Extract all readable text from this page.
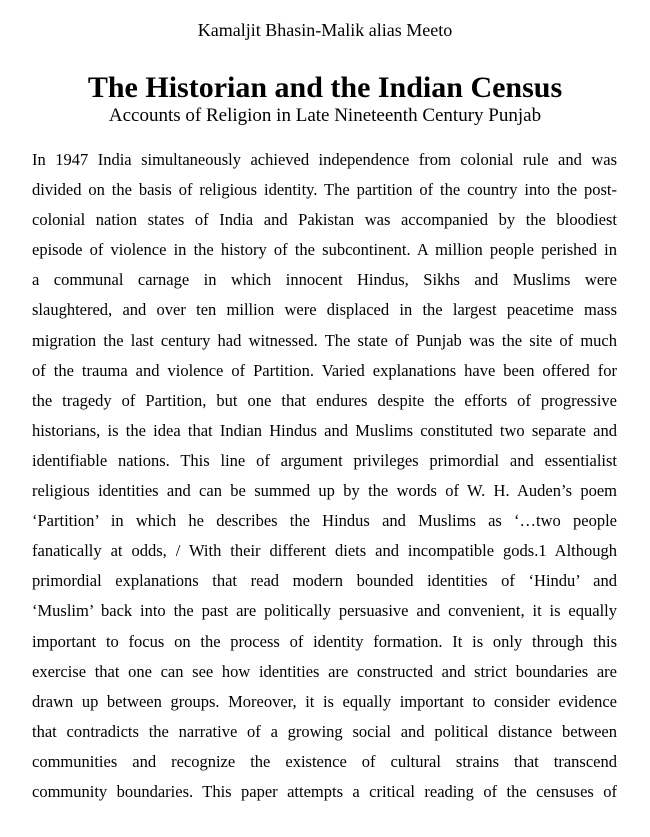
Kamaljit Bhasin-Malik alias Meeto
The Historian and the Indian Census
Accounts of Religion in Late Nineteenth Century Punjab
In 1947 India simultaneously achieved independence from colonial rule and was
divided on the basis of religious identity. The partition of the country into the post-
colonial nation states of India and Pakistan was accompanied by the bloodiest
episode of violence in the history of the subcontinent. A million people perished in
a communal carnage in which innocent Hindus, Sikhs and Muslims were
slaughtered, and over ten million were displaced in the largest peacetime mass
migration the last century had witnessed. The state of Punjab was the site of much
of the trauma and violence of Partition. Varied explanations have been offered for
the tragedy of Partition, but one that endures despite the efforts of progressive
historians, is the idea that Indian Hindus and Muslims constituted two separate and
identifiable nations. This line of argument privileges primordial and essentialist
religious identities and can be summed up by the words of W. H. Auden’s poem
‘Partition’ in which he describes the Hindus and Muslims as ‘…two people
fanatically at odds, / With their different diets and incompatible gods.1 Although
primordial explanations that read modern bounded identities of ‘Hindu’ and
‘Muslim’ back into the past are politically persuasive and convenient, it is equally
important to focus on the process of identity formation. It is only through this
exercise that one can see how identities are constructed and strict boundaries are
drawn up between groups. Moreover, it is equally important to consider evidence
that contradicts the narrative of a growing social and political distance between
communities and recognize the existence of cultural strains that transcend
community boundaries. This paper attempts a critical reading of the censuses of
